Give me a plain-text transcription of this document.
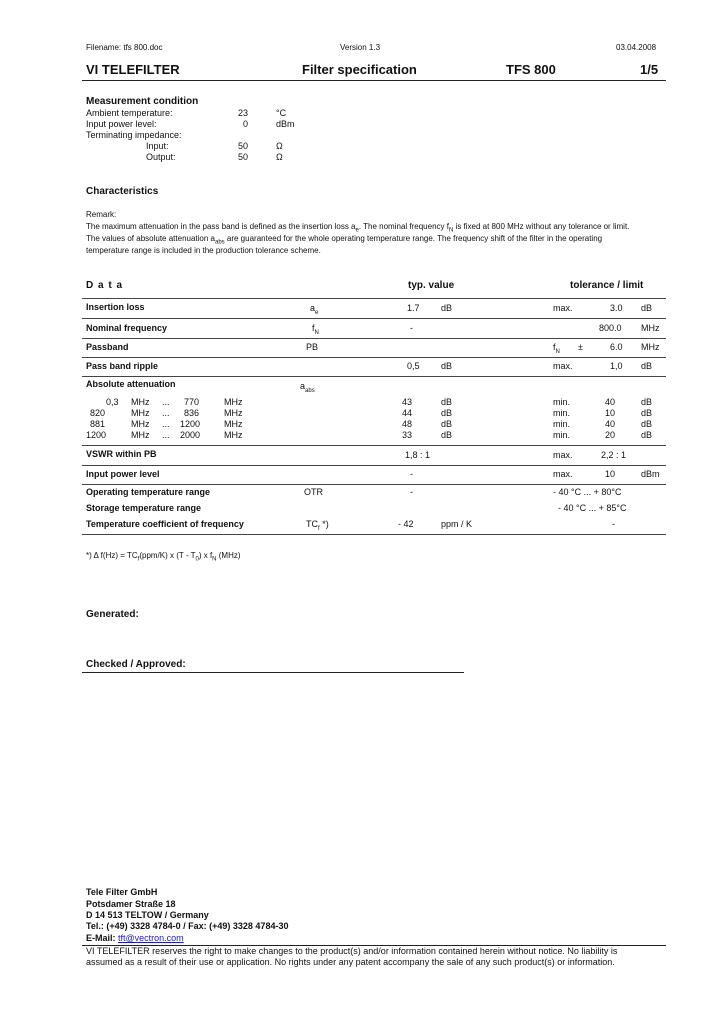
Filename: tfs 800.doc	Version 1.3	03.04.2008
VI TELEFILTER	Filter specification	TFS 800	1/5
Measurement condition
Ambient temperature:	23	°C
Input power level:	0	dBm
Terminating impedance:
Input:	50	Ω
Output:	50	Ω
Characteristics
Remark:
The maximum attenuation in the pass band is defined as the insertion loss $a_e$. The nominal frequency $f_N$ is fixed at 800 MHz without any tolerance or limit.
The values of absolute attenuation $a_{abs}$ are guaranteed for the whole operating temperature range. The frequency shift of the filter in the operating
temperature range is included in the production tolerance scheme.
D a t a	typ. value	tolerance / limit
Insertion loss	$a_e$	1.7 dB	max.	3.0 dB
Nominal frequency	$f_N$	-	800.0 MHz
Passband	PB	$f_N$ ±	6.0 MHz
Pass band ripple	0,5 dB	max.	1,0 dB
Absolute attenuation	$a_{abs}$
0,3 MHz ... 770	MHz	43	dB	min.	40	dB
820	MHz ... 836	MHz	44	dB	min.	10	dB
881	MHz ... 1200	MHz	48	dB	min.	40	dB
1200	MHz ... 2000	MHz	33	dB	min.	20	dB
VSWR within PB	1,8 : 1	max.	2,2 : 1
Input power level	-	max.	10	dBm
Operating temperature range	OTR	-	- 40 °C ... + 80°C
Storage temperature range	- 40 °C ... + 85°C
Temperature coefficient of frequency	$TC_f$ *)	- 42	ppm / K	-
*) Δ $f(Hz) = TC_f(ppm/K)$ x $(T - T_0)$ x $f_N$ (MHz)
Generated:
Checked / Approved:
Tele Filter GmbH
Potsdamer Straße 18
D 14 513 TELTOW / Germany
Tel.: (+49) 3328 4784-0 / Fax: (+49) 3328 4784-30
E-Mail: tft@vectron.com
VI TELEFILTER reserves the right to make changes to the product(s) and/or information contained herein without notice. No liability is
assumed as a result of their use or application. No rights under any patent accompany the sale of any such product(s) or information.
